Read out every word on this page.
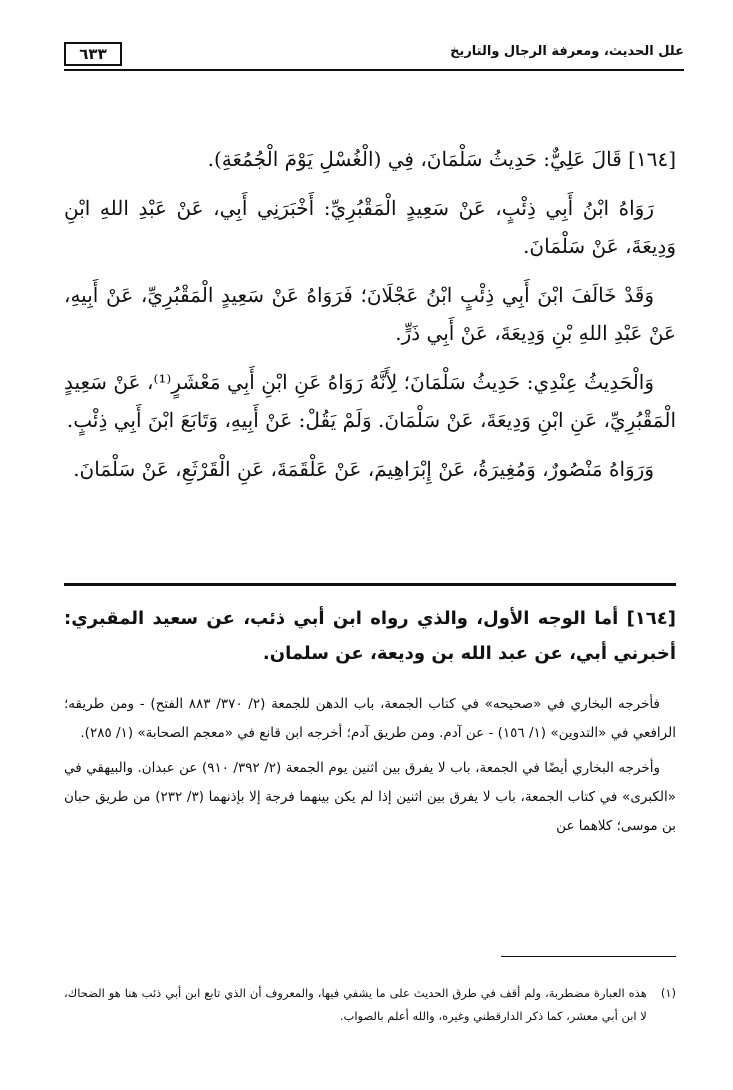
٦٣٣	علل الحديث، ومعرفة الرجال والتاريخ

[١٦٤] قَالَ عَلِيٌّ: حَدِيثُ سَلْمَانَ، فِي (الْغُسْلِ يَوْمَ الْجُمُعَةِ).

رَوَاهُ ابْنُ أَبِي ذِئْبٍ، عَنْ سَعِيدٍ الْمَقْبُرِيِّ: أَخْبَرَنِي أَبِي، عَنْ عَبْدِ اللهِ ابْنِ وَدِيعَةَ، عَنْ سَلْمَانَ.

وَقَدْ خَالَفَ ابْنَ أَبِي ذِئْبٍ ابْنُ عَجْلَانَ؛ فَرَوَاهُ عَنْ سَعِيدٍ الْمَقْبُرِيِّ، عَنْ أَبِيهِ، عَنْ عَبْدِ اللهِ بْنِ وَدِيعَةَ، عَنْ أَبِي ذَرٍّ.

وَالْحَدِيثُ عِنْدِي: حَدِيثُ سَلْمَانَ؛ لِأَنَّهُ رَوَاهُ عَنِ ابْنِ أَبِي مَعْشَرٍ⁽¹⁾، عَنْ سَعِيدٍ الْمَقْبُرِيِّ، عَنِ ابْنِ وَدِيعَةَ، عَنْ سَلْمَانَ. وَلَمْ يَقُلْ: عَنْ أَبِيهِ، وَتَابَعَ ابْنَ أَبِي ذِئْبٍ.

وَرَوَاهُ مَنْصُورٌ، وَمُغِيرَةُ، عَنْ إِبْرَاهِيمَ، عَنْ عَلْقَمَةَ، عَنِ الْقَرْثَعِ، عَنْ سَلْمَانَ.

[١٦٤] أما الوجه الأول، والذي رواه ابن أبي ذئب، عن سعيد المقبري: أخبرني أبي، عن عبد الله بن وديعة، عن سلمان.

فأخرجه البخاري في «صحيحه» في كتاب الجمعة، باب الدهن للجمعة (٢/ ٣٧٠/ ٨٨٣ الفتح) - ومن طريقه؛ الرافعي في «التدوين» (١/ ١٥٦) - عن آدم. ومن طريق آدم؛ أخرجه ابن قانع في «معجم الصحابة» (١/ ٢٨٥).

وأخرجه البخاري أيضًا في الجمعة، باب لا يفرق بين اثنين يوم الجمعة (٢/ ٣٩٢/ ٩١٠) عن عبدان. والبيهقي في «الكبرى» في كتاب الجمعة، باب لا يفرق بين اثنين إذا لم يكن بينهما فرجة إلا بإذنهما (٣/ ٢٣٢) من طريق حبان بن موسى؛ كلاهما عن

(١)
هذه العبارة مضطربة، ولم أقف في طرق الحديث على ما يشفي فيها، والمعروف أن الذي تابع ابن أبي ذئب هنا هو الضحاك، لا ابن أبي معشر، كما ذكر الدارقطني وغيره، والله أعلم بالصواب.
